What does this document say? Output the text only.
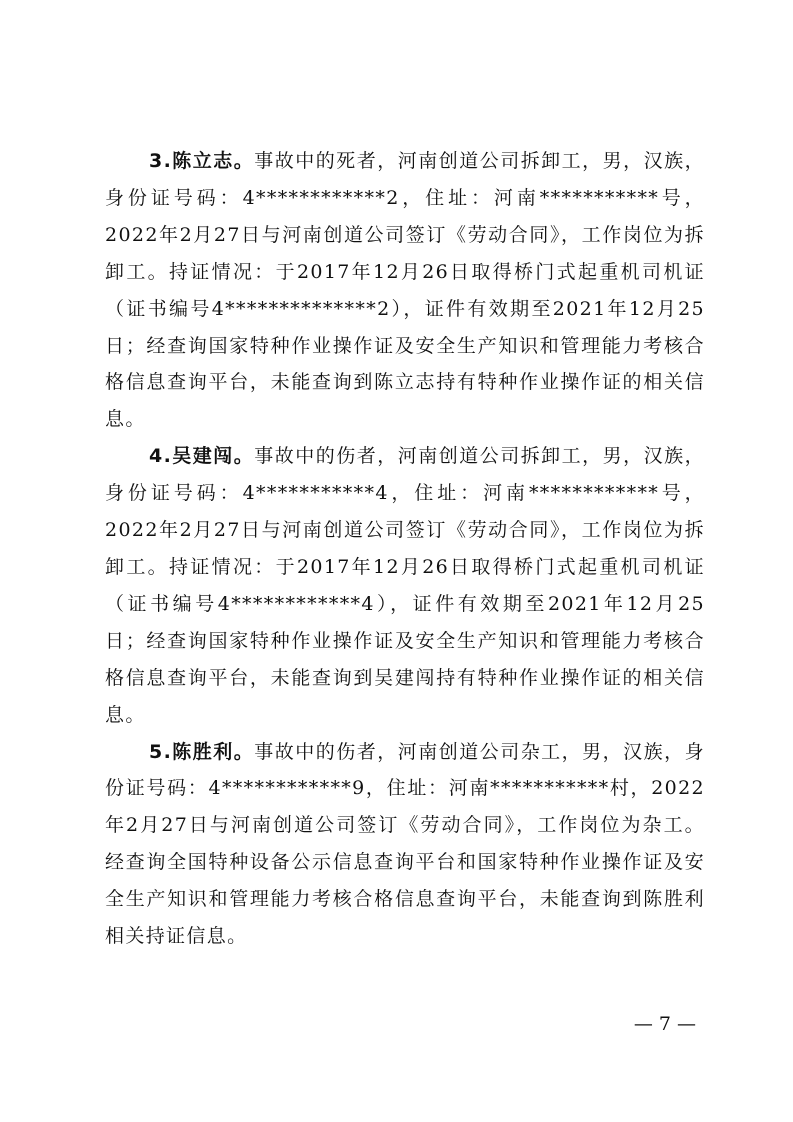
3.陈立志。事故中的死者，河南创道公司拆卸工，男，汉族，身份证号码：4************2，住址：河南***********号，2022年2月27日与河南创道公司签订《劳动合同》，工作岗位为拆卸工。持证情况：于2017年12月26日取得桥门式起重机司机证（证书编号4**************2），证件有效期至2021年12月25日；经查询国家特种作业操作证及安全生产知识和管理能力考核合格信息查询平台，未能查询到陈立志持有特种作业操作证的相关信息。

4.吴建闯。事故中的伤者，河南创道公司拆卸工，男，汉族，身份证号码：4***********4，住址：河南************号，2022年2月27日与河南创道公司签订《劳动合同》，工作岗位为拆卸工。持证情况：于2017年12月26日取得桥门式起重机司机证（证书编号4************4），证件有效期至2021年12月25日；经查询国家特种作业操作证及安全生产知识和管理能力考核合格信息查询平台，未能查询到吴建闯持有特种作业操作证的相关信息。

5.陈胜利。事故中的伤者，河南创道公司杂工，男，汉族，身份证号码：4************9，住址：河南***********村，2022年2月27日与河南创道公司签订《劳动合同》，工作岗位为杂工。经查询全国特种设备公示信息查询平台和国家特种作业操作证及安全生产知识和管理能力考核合格信息查询平台，未能查询到陈胜利相关持证信息。

— 7 —
